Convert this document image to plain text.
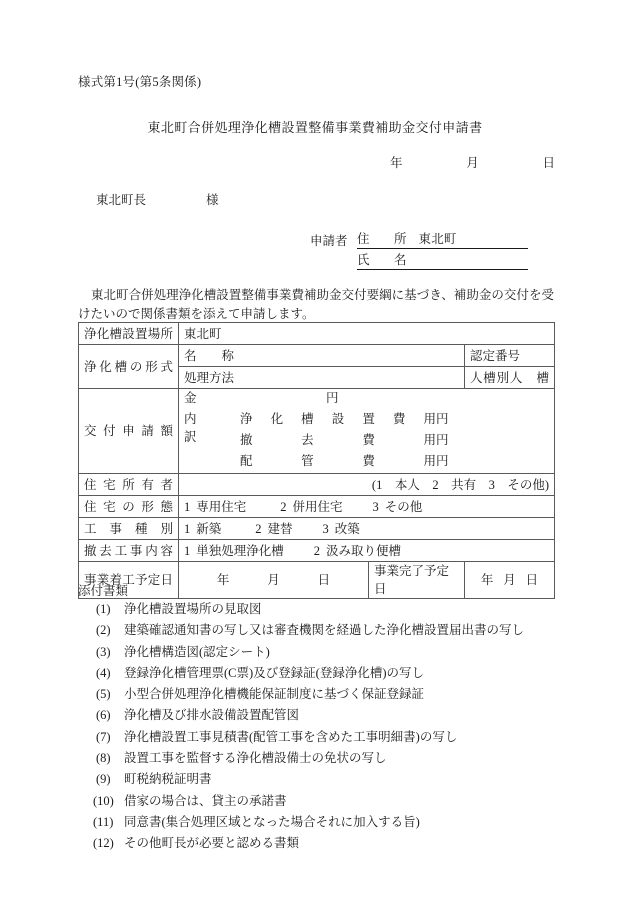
様式第1号(第5条関係)
東北町合併処理浄化槽設置整備事業費補助金交付申請書
年	月	日
東北町長	様
申請者 住　所 東北町
氏　名
東北町合併処理浄化槽設置整備事業費補助金交付要綱に基づき、補助金の交付を受けたいので関係書類を添えて申請します。
浄化槽設置場所	東北町		

浄化槽の形式	名　　称		認定番号
	処理方法		人槽別人　槽

交付申請額

金	円
内　訳
浄化槽設置費用 円
撤　去　費　用 円
配　管　費　用 円

住宅所有者	(1　本人　2　共有　3　その他)		

住宅の形態	1 専用住宅 2 併用住宅 3 その他		

工事種別	1 新築 2 建替 3 改築		

撤去工事内容	1 単独処理浄化槽 2 汲み取り便槽		

事業着工予定日	年 月 日	事業完了予定日	年 月 日
添付書類
(1)	浄化槽設置場所の見取図
(2)	建築確認通知書の写し又は審査機関を経過した浄化槽設置届出書の写し
(3)	浄化槽構造図(認定シート)
(4)	登録浄化槽管理票(C票)及び登録証(登録浄化槽)の写し
(5)	小型合併処理浄化槽機能保証制度に基づく保証登録証
(6)	浄化槽及び排水設備設置配管図
(7)	浄化槽設置工事見積書(配管工事を含めた工事明細書)の写し
(8)	設置工事を監督する浄化槽設備士の免状の写し
(9)	町税納税証明書
(10) 借家の場合は、貸主の承諾書
(11) 同意書(集合処理区域となった場合それに加入する旨)
(12) その他町長が必要と認める書類
